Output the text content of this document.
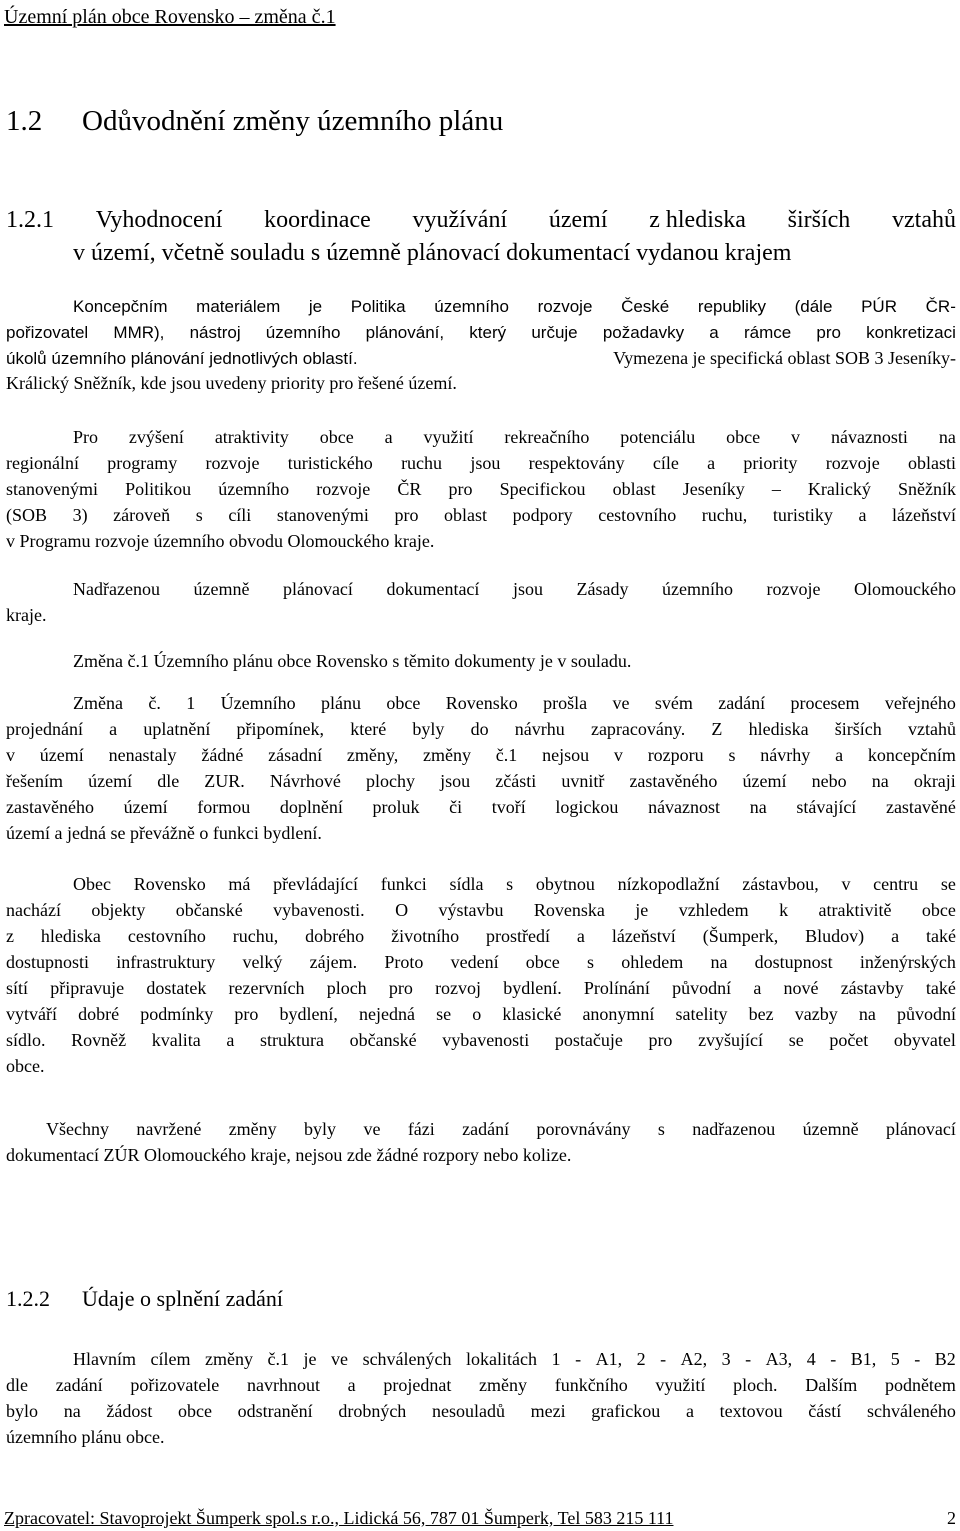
Územní plán obce Rovensko – změna č.1
1.2 Odůvodnění změny územního plánu
1.2.1 Vyhodnocení koordinace využívání území z hlediska širších vztahů
v území, včetně souladu s územně plánovací dokumentací vydanou krajem
Koncepčním materiálem je Politika územního rozvoje České republiky (dále PÚR ČR-
pořizovatel MMR), nástroj územního plánování, který určuje požadavky a rámce pro konkretizaci
úkolů územního plánování jednotlivých oblastí.	Vymezena je specifická oblast SOB 3 Jeseníky-
Králický Sněžník, kde jsou uvedeny priority pro řešené území.
Pro zvýšení atraktivity obce a využití rekreačního potenciálu obce v návaznosti na
regionální programy rozvoje turistického ruchu jsou respektovány cíle a priority rozvoje oblasti
stanovenými Politikou územního rozvoje ČR pro Specifickou oblast Jeseníky – Kralický Sněžník
(SOB 3) zároveň s cíli stanovenými pro oblast podpory cestovního ruchu, turistiky a lázeňství
v Programu rozvoje územního obvodu Olomouckého kraje.
Nadřazenou územně plánovací dokumentací jsou Zásady územního rozvoje Olomouckého
kraje.
Změna č.1 Územního plánu obce Rovensko s těmito dokumenty je v souladu.
Změna č. 1 Územního plánu obce Rovensko prošla ve svém zadání procesem veřejného
projednání a uplatnění připomínek, které byly do návrhu zapracovány. Z hlediska širších vztahů
v území nenastaly žádné zásadní změny, změny č.1 nejsou v rozporu s návrhy a koncepčním
řešením území dle ZUR. Návrhové plochy jsou zčásti uvnitř zastavěného území nebo na okraji
zastavěného území formou doplnění proluk či tvoří logickou návaznost na stávající zastavěné
území a jedná se převážně o funkci bydlení.
Obec Rovensko má převládající funkci sídla s obytnou nízkopodlažní zástavbou, v centru se
nachází objekty občanské vybavenosti. O výstavbu Rovenska je vzhledem k atraktivitě obce
z hlediska cestovního ruchu, dobrého životního prostředí a lázeňství (Šumperk, Bludov) a také
dostupnosti infrastruktury velký zájem. Proto vedení obce s ohledem na dostupnost inženýrských
sítí připravuje dostatek rezervních ploch pro rozvoj bydlení. Prolínání původní a nové zástavby také
vytváří dobré podmínky pro bydlení, nejedná se o klasické anonymní satelity bez vazby na původní
sídlo. Rovněž kvalita a struktura občanské vybavenosti postačuje pro zvyšující se počet obyvatel
obce.
Všechny navržené změny byly ve fázi zadání porovnávány s nadřazenou územně plánovací
dokumentací ZÚR Olomouckého kraje, nejsou zde žádné rozpory nebo kolize.
1.2.2 Údaje o splnění zadání
Hlavním cílem změny č.1 je ve schválených lokalitách 1 - A1, 2 - A2, 3 - A3, 4 - B1, 5 - B2
dle zadání pořizovatele navrhnout a projednat změny funkčního využití ploch. Dalším podnětem
bylo na žádost obce odstranění drobných nesouladů mezi grafickou a textovou částí schváleného
územního plánu obce.
Zpracovatel: Stavoprojekt Šumperk spol.s r.o., Lidická 56, 787 01 Šumperk, Tel 583 215 111	2
